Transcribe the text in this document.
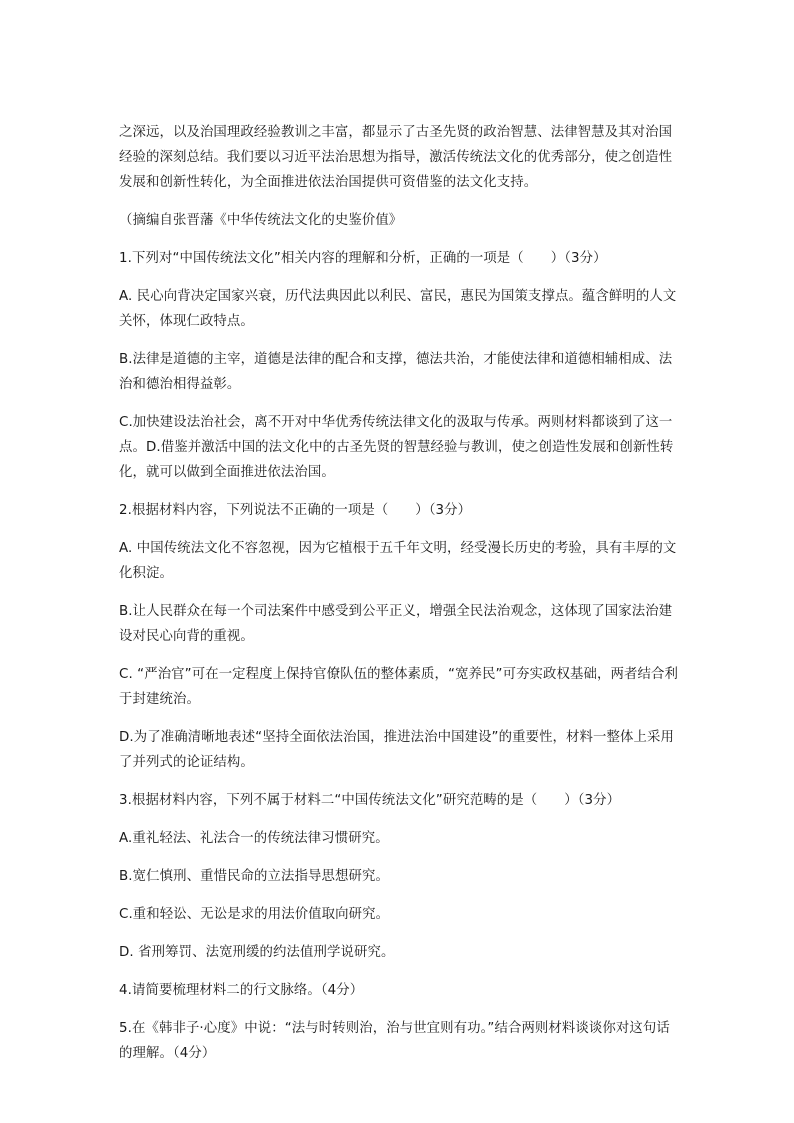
之深远，以及治国理政经验教训之丰富，都显示了古圣先贤的政治智慧、法律智慧及其对治国经验的深刻总结。我们要以习近平法治思想为指导，激活传统法文化的优秀部分，使之创造性发展和创新性转化，为全面推进依法治国提供可资借鉴的法文化支持。

（摘编自张晋藩《中华传统法文化的史鉴价值》

1.下列对“中国传统法文化”相关内容的理解和分析，正确的一项是（　　）（3分）

A. 民心向背决定国家兴衰，历代法典因此以利民、富民，惠民为国策支撑点。蕴含鲜明的人文关怀，体现仁政特点。

B.法律是道德的主宰，道德是法律的配合和支撑，德法共治，才能使法律和道德相辅相成、法治和德治相得益彰。

C.加快建设法治社会，离不开对中华优秀传统法律文化的汲取与传承。两则材料都谈到了这一点。D.借鉴并激活中国的法文化中的古圣先贤的智慧经验与教训，使之创造性发展和创新性转化，就可以做到全面推进依法治国。

2.根据材料内容，下列说法不正确的一项是（　　）（3分）

A. 中国传统法文化不容忽视，因为它植根于五千年文明，经受漫长历史的考验，具有丰厚的文化积淀。

B.让人民群众在每一个司法案件中感受到公平正义，增强全民法治观念，这体现了国家法治建设对民心向背的重视。

C. “严治官”可在一定程度上保持官僚队伍的整体素质，“宽养民”可夯实政权基础，两者结合利于封建统治。

D.为了准确清晰地表述“坚持全面依法治国，推进法治中国建设”的重要性，材料一整体上采用了并列式的论证结构。

3.根据材料内容，下列不属于材料二“中国传统法文化”研究范畴的是（　　）（3分）

A.重礼轻法、礼法合一的传统法律习惯研究。

B.宽仁慎刑、重惜民命的立法指导思想研究。

C.重和轻讼、无讼是求的用法价值取向研究。

D. 省刑筹罚、法宽刑缓的约法值刑学说研究。

4.请简要梳理材料二的行文脉络。（4分）

5.在《韩非子·心度》中说：“法与时转则治，治与世宜则有功。”结合两则材料谈谈你对这句话的理解。（4分）
